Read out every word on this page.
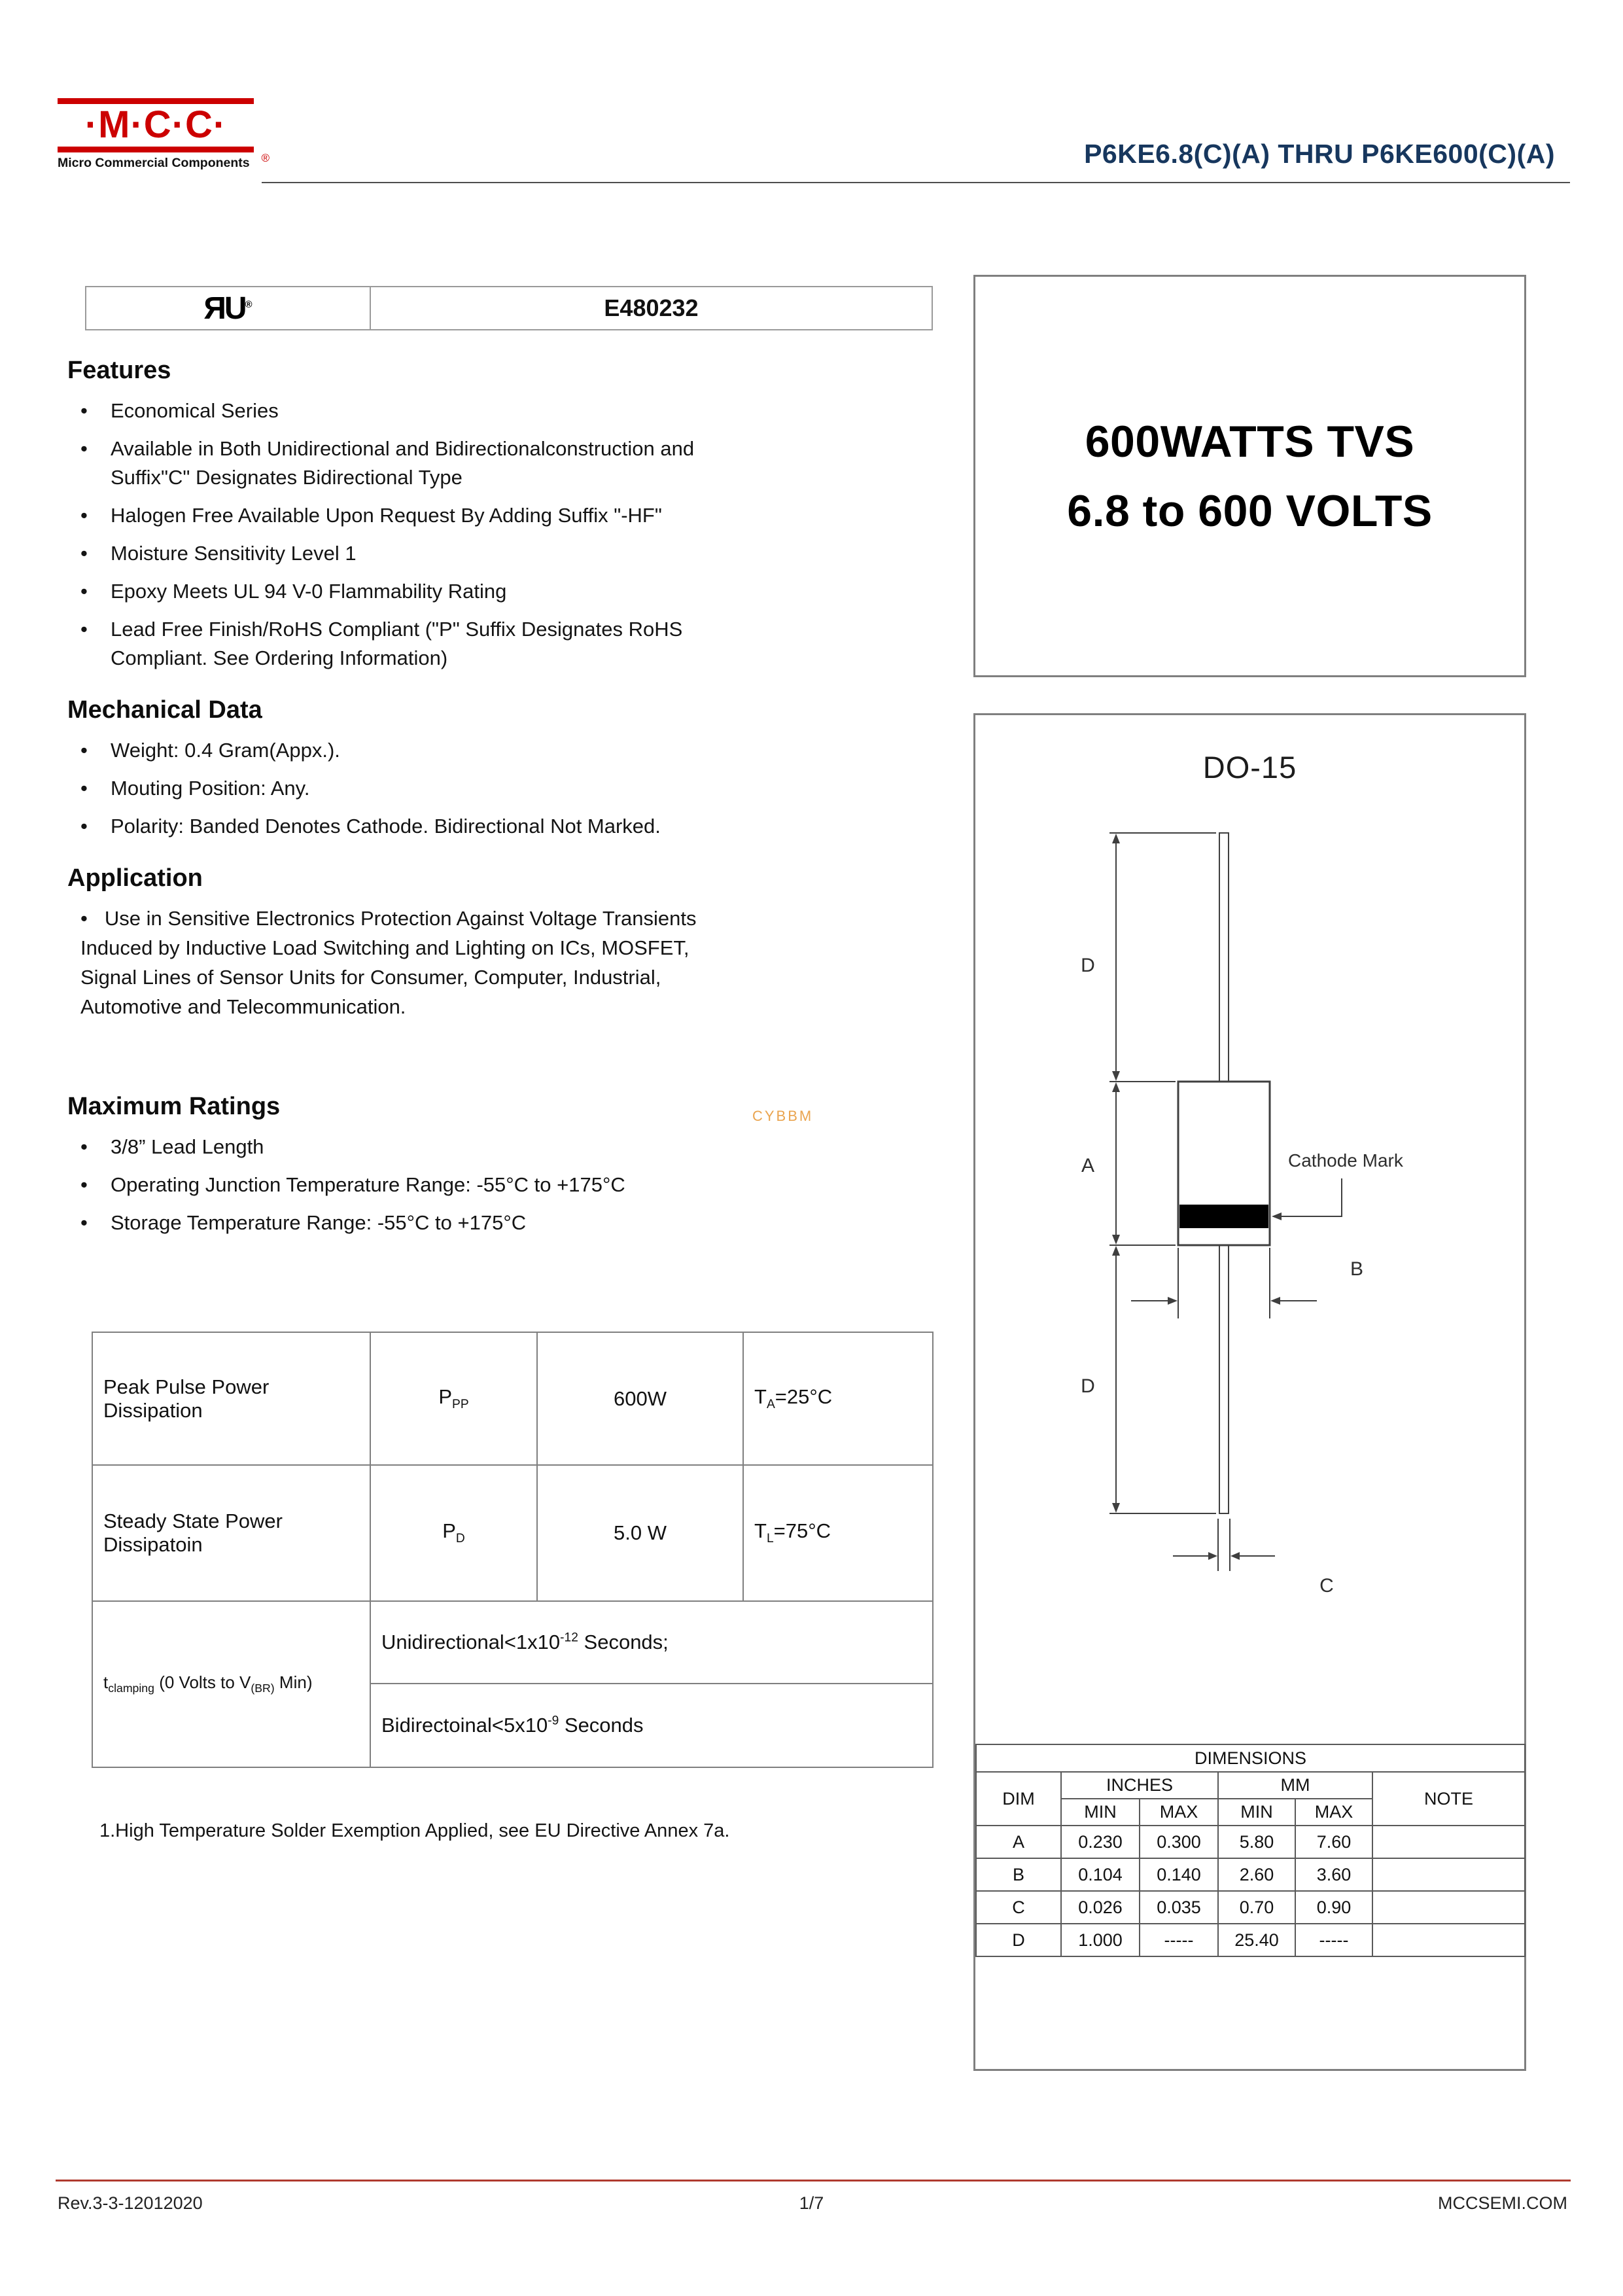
·M·C·C·
Micro Commercial Components	®	P6KE6.8(C)(A) THRU P6KE600(C)(A)
ЯU®	E480232
Features
•	Economical Series
•	Available in Both Unidirectional and Bidirectionalconstruction and Suffix"C" Designates Bidirectional Type
•	Halogen Free Available Upon Request By Adding Suffix "-HF"
•	Moisture Sensitivity Level 1
•	Epoxy Meets UL 94 V-0 Flammability Rating
•	Lead Free Finish/RoHS Compliant ("P" Suffix Designates RoHS Compliant. See Ordering Information)
Mechanical Data
•	Weight: 0.4 Gram(Appx.).
•	Mouting Position: Any.
•	Polarity: Banded Denotes Cathode. Bidirectional Not Marked.
Application

• Use in Sensitive Electronics Protection Against Voltage Transients Induced by Inductive Load Switching and Lighting on ICs, MOSFET, Signal Lines of Sensor Units for Consumer, Computer, Industrial, Automotive and Telecommunication.

Maximum Ratings
•	3/8” Lead Length
•	Operating Junction Temperature Range: -55°C to +175°C
•	Storage Temperature Range: -55°C to +175°C
CYBBM
Peak Pulse Power Dissipation	$P_{PP}$	600W	$T_A=25^\circ C$
Steady State Power Dissipatoin	$P_D$	5.0 W	$T_L=75^\circ C$
$t_{clamping}$ (0 Volts to $V_{(BR)}$ Min)	$Unidirectional<1x10^{-12}$ Seconds;		
	$Bidirectoinal<5x10^{-9}$ Seconds		
1.High Temperature Solder Exemption Applied, see EU Directive Annex 7a.
600WATTS TVS
6.8 to 600 VOLTS
DO-15
D
A
D
B
C
Cathode Mark
DIMENSIONS					
DIM	INCHES		MM		NOTE
	MIN	MAX	MIN	MAX	
A	0.230	0.300	5.80	7.60	
B	0.104	0.140	2.60	3.60	
C	0.026	0.035	0.70	0.90	
D	1.000	-----	25.40	-----	
Rev.3-3-12012020	1/7	MCCSEMI.COM
